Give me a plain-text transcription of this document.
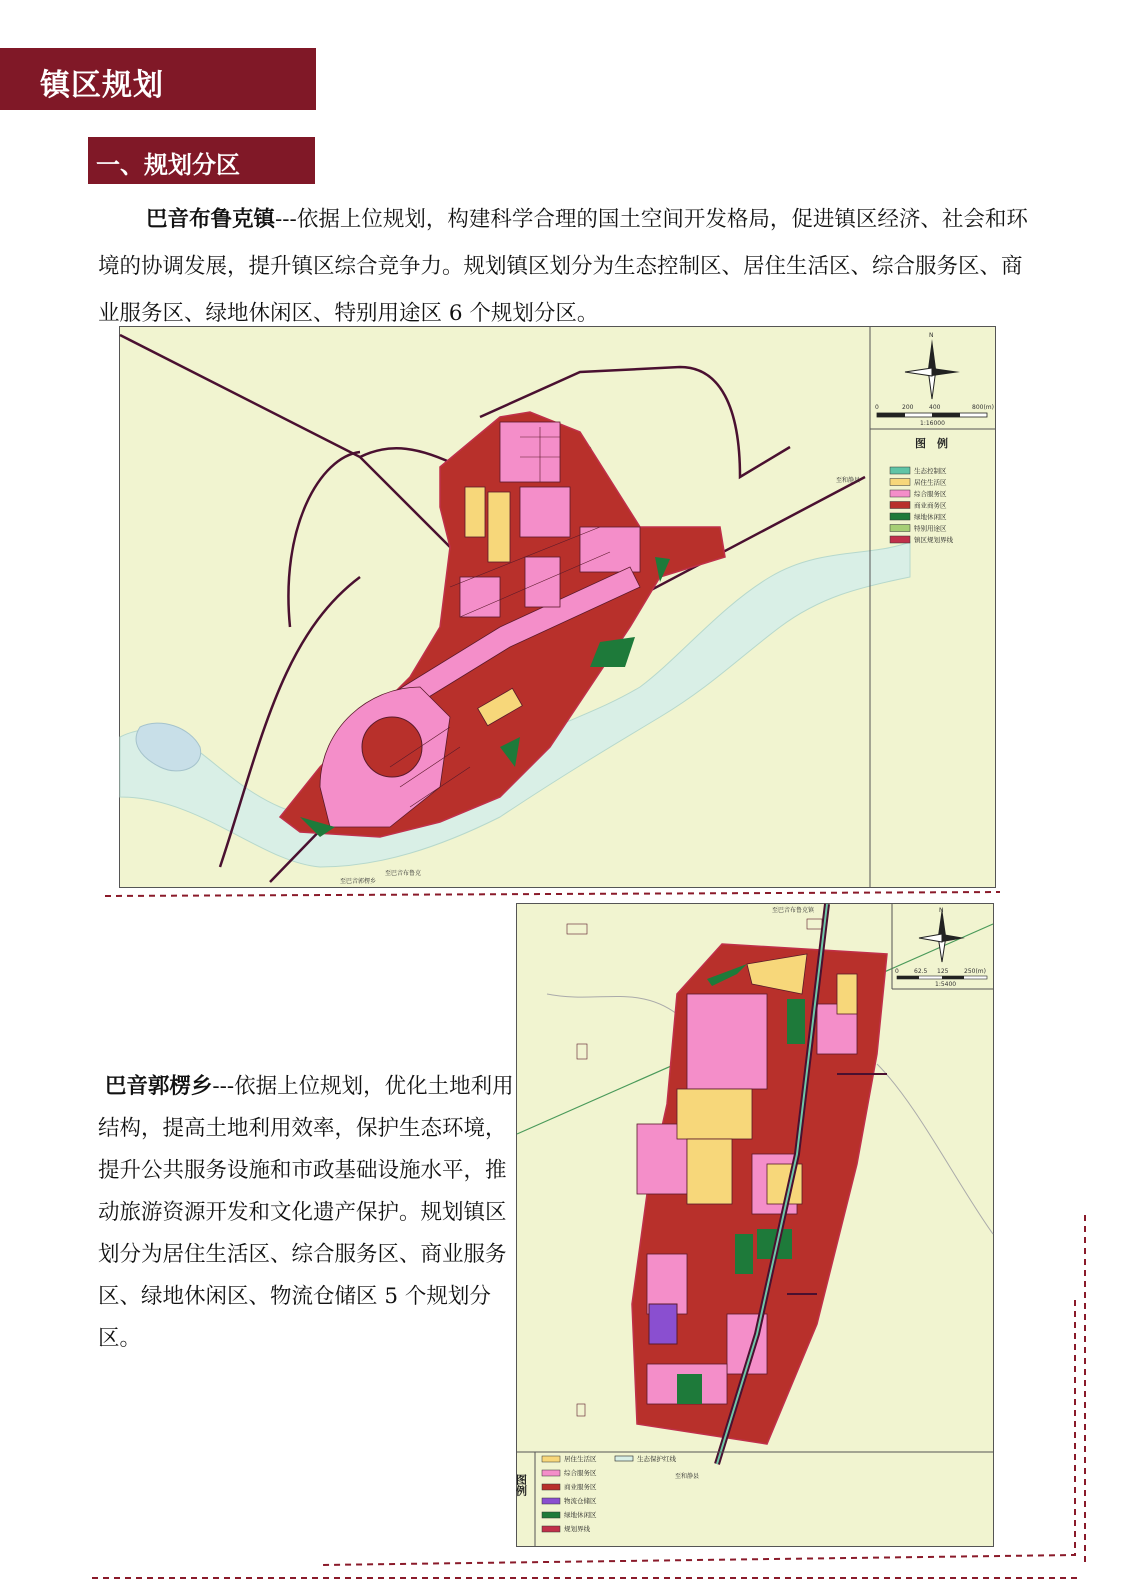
镇区规划
一、规划分区

巴音布鲁克镇---依据上位规划，构建科学合理的国土空间开发格局，促进镇区经济、社会和环境的协调发展，提升镇区综合竞争力。规划镇区划分为生态控制区、居住生活区、综合服务区、商业服务区、绿地休闲区、特别用途区 6 个规划分区。

N
0	200	400	800(m)
1:16000
图　例
生态控制区
居住生活区
综合服务区
商业商务区
绿地休闲区
特别用途区
镇区规划界线
至和静县
至巴音布鲁克
至巴音郭楞乡

巴音郭楞乡---依据上位规划，优化土地利用结构，提高土地利用效率，保护生态环境，提升公共服务设施和市政基础设施水平，推动旅游资源开发和文化遗产保护。规划镇区划分为居住生活区、综合服务区、商业服务区、绿地休闲区、物流仓储区 5 个规划分区。

N
0	62.5 125	250(m)
1:5400
至巴音布鲁克镇
至和静县
图例
居住生活区
综合服务区
商业服务区
物流仓储区
绿地休闲区
规划界线
生态保护红线
